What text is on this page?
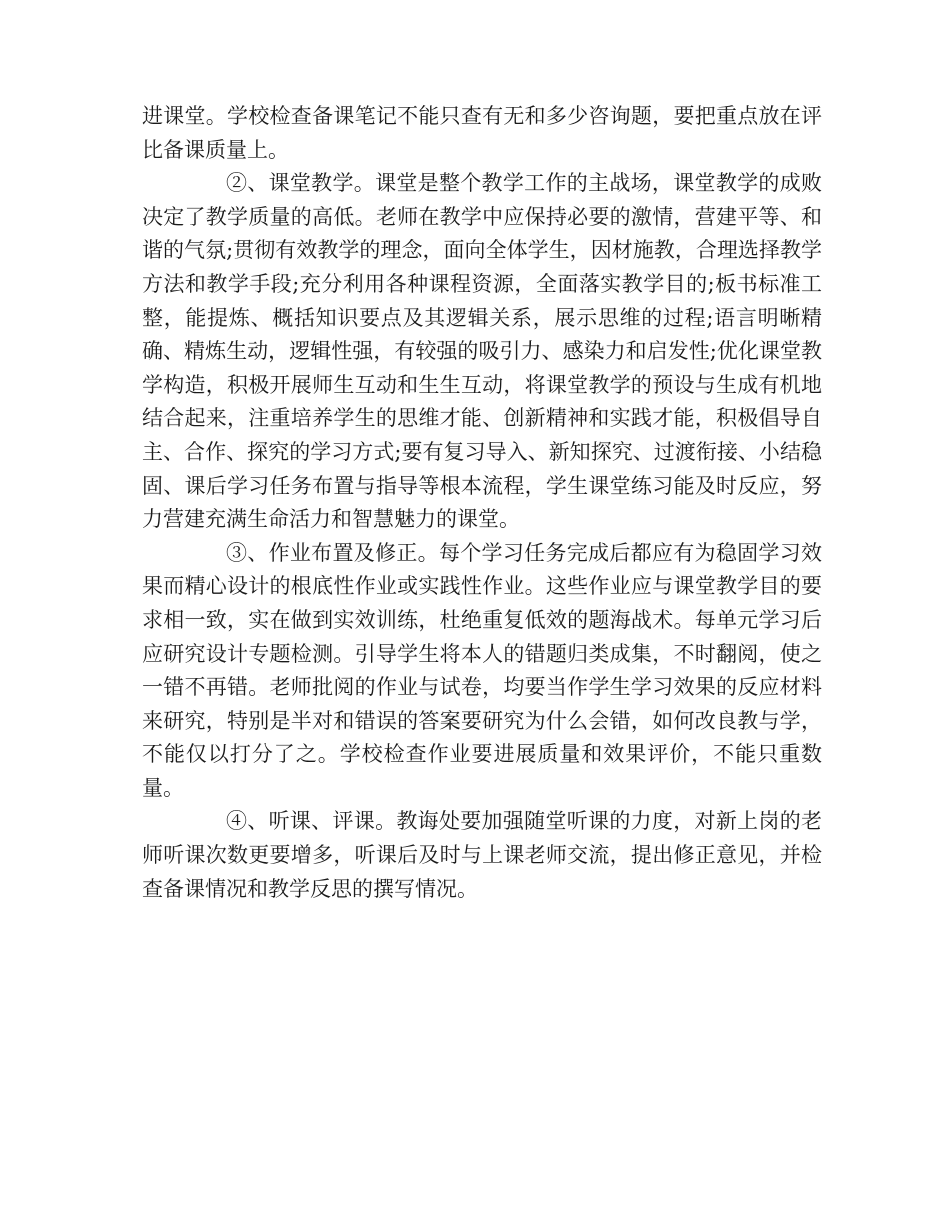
进课堂。学校检查备课笔记不能只查有无和多少咨询题，要把重点放在评比备课质量上。

②、课堂教学。课堂是整个教学工作的主战场，课堂教学的成败决定了教学质量的高低。老师在教学中应保持必要的激情，营建平等、和谐的气氛;贯彻有效教学的理念，面向全体学生，因材施教，合理选择教学方法和教学手段;充分利用各种课程资源，全面落实教学目的;板书标准工整，能提炼、概括知识要点及其逻辑关系，展示思维的过程;语言明晰精确、精炼生动，逻辑性强，有较强的吸引力、感染力和启发性;优化课堂教学构造，积极开展师生互动和生生互动，将课堂教学的预设与生成有机地结合起来，注重培养学生的思维才能、创新精神和实践才能，积极倡导自主、合作、探究的学习方式;要有复习导入、新知探究、过渡衔接、小结稳固、课后学习任务布置与指导等根本流程，学生课堂练习能及时反应，努力营建充满生命活力和智慧魅力的课堂。

③、作业布置及修正。每个学习任务完成后都应有为稳固学习效果而精心设计的根底性作业或实践性作业。这些作业应与课堂教学目的要求相一致，实在做到实效训练，杜绝重复低效的题海战术。每单元学习后应研究设计专题检测。引导学生将本人的错题归类成集，不时翻阅，使之一错不再错。老师批阅的作业与试卷，均要当作学生学习效果的反应材料来研究，特别是半对和错误的答案要研究为什么会错，如何改良教与学，不能仅以打分了之。学校检查作业要进展质量和效果评价，不能只重数量。

④、听课、评课。教诲处要加强随堂听课的力度，对新上岗的老师听课次数更要增多，听课后及时与上课老师交流，提出修正意见，并检查备课情况和教学反思的撰写情况。
